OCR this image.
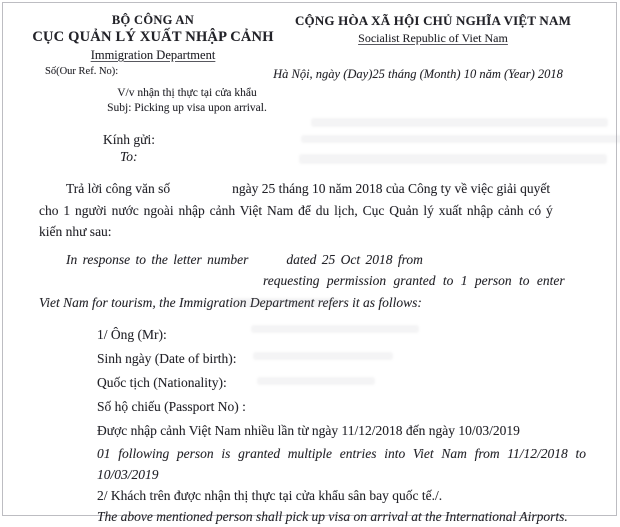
BỘ CÔNG AN
CỤC QUẢN LÝ XUẤT NHẬP CẢNH
Immigration Department
Số(Our Ref. No):
V/v nhận thị thực tại cửa khẩu
Subj: Picking up visa upon arrival.
CỘNG HÒA XÃ HỘI CHỦ NGHĨA VIỆT NAM
Socialist Republic of Viet Nam
Hà Nội, ngày (Day)25 tháng (Month) 10 năm (Year) 2018
Kính gửi:
To:
Trả lời công văn số	ngày 25 tháng 10 năm 2018 của Công ty về việc giải quyết
cho 1 người nước ngoài nhập cảnh Việt Nam để du lịch, Cục Quản lý xuất nhập cảnh có ý
kiến như sau:
In response to the letter number	dated 25 Oct 2018 from
requesting permission granted to 1 person to enter
Viet Nam for tourism, the Immigration Department refers it as follows:
1/ Ông (Mr):
Sinh ngày (Date of birth):
Quốc tịch (Nationality):
Số hộ chiếu (Passport No) :
Được nhập cảnh Việt Nam nhiều lần từ ngày 11/12/2018 đến ngày 10/03/2019
01 following person is granted multiple entries into Viet Nam from 11/12/2018 to 10/03/2019
2/ Khách trên được nhận thị thực tại cửa khẩu sân bay quốc tế./.
The above mentioned person shall pick up visa on arrival at the International Airports.
